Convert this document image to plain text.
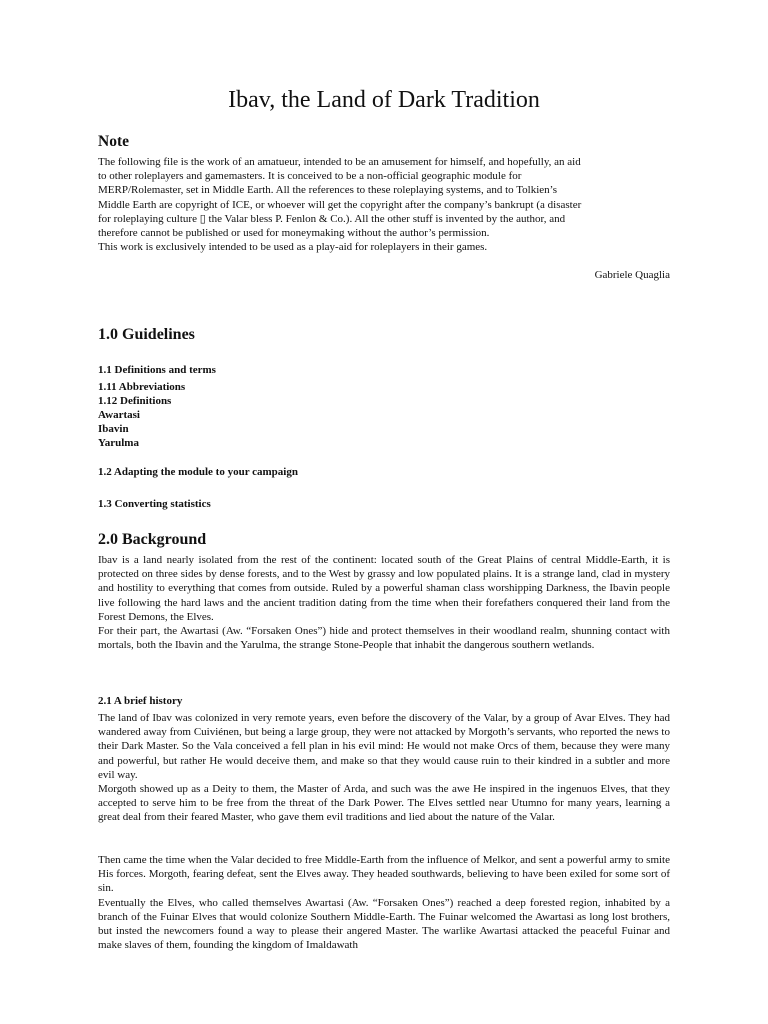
Ibav, the Land of Dark Tradition
Note

The following file is the work of an amatueur, intended to be an amusement for himself, and hopefully, an aid
to other roleplayers and gamemasters. It is conceived to be a non-official geographic module for
MERP/Rolemaster, set in Middle Earth. All the references to these roleplaying systems, and to Tolkien’s
Middle Earth are copyright of ICE, or whoever will get the copyright after the company’s bankrupt (a disaster
for roleplaying culture ▯ the Valar bless P. Fenlon & Co.). All the other stuff is invented by the author, and
therefore cannot be published or used for moneymaking without the author’s permission.
This work is exclusively intended to be used as a play-aid for roleplayers in their games.

Gabriele Quaglia

1.0 Guidelines

1.1 Definitions and terms

1.11 Abbreviations

1.12 Definitions

Awartasi

Ibavin

Yarulma

1.2 Adapting the module to your campaign

1.3 Converting statistics

2.0 Background

Ibav is a land nearly isolated from the rest of the continent: located south of the Great Plains of central Middle-Earth, it is protected on three sides by dense forests, and to the West by grassy and low populated plains. It is a strange land, clad in mystery and hostility to everything that comes from outside. Ruled by a powerful shaman class worshipping Darkness, the Ibavin people live following the hard laws and the ancient tradition dating from the time when their forefathers conquered their land from the Forest Demons, the Elves.
For their part, the Awartasi (Aw. “Forsaken Ones”) hide and protect themselves in their woodland realm, shunning contact with mortals, both the Ibavin and the Yarulma, the strange Stone-People that inhabit the dangerous southern wetlands.

2.1 A brief history

The land of Ibav was colonized in very remote years, even before the discovery of the Valar, by a group of Avar Elves. They had wandered away from Cuiviénen, but being a large group, they were not attacked by Morgoth’s servants, who reported the news to their Dark Master. So the Vala conceived a fell plan in his evil mind: He would not make Orcs of them, because they were many and powerful, but rather He would deceive them, and make so that they would cause ruin to their kindred in a subtler and more evil way.
Morgoth showed up as a Deity to them, the Master of Arda, and such was the awe He inspired in the ingenuos Elves, that they accepted to serve him to be free from the threat of the Dark Power. The Elves settled near Utumno for many years, learning a great deal from their feared Master, who gave them evil traditions and lied about the nature of the Valar.

Then came the time when the Valar decided to free Middle-Earth from the influence of Melkor, and sent a powerful army to smite His forces. Morgoth, fearing defeat, sent the Elves away. They headed southwards, believing to have been exiled for some sort of sin.
Eventually the Elves, who called themselves Awartasi (Aw. “Forsaken Ones”) reached a deep forested region, inhabited by a branch of the Fuinar Elves that would colonize Southern Middle-Earth. The Fuinar welcomed the Awartasi as long lost brothers, but insted the newcomers found a way to please their angered Master. The warlike Awartasi attacked the peaceful Fuinar and make slaves of them, founding the kingdom of Imaldawath
